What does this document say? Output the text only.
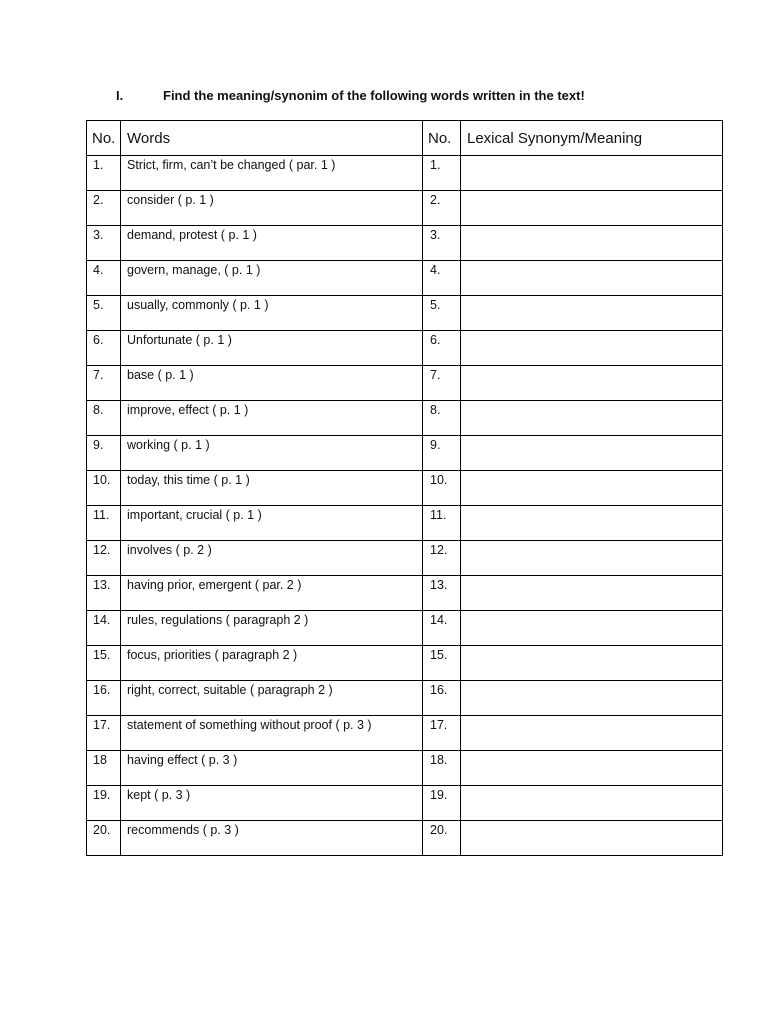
I.	Find the meaning/synonim of the following words written in the text!
No.	Words	No.	Lexical Synonym/Meaning
1.	Strict, firm, can’t be changed ( par. 1 )	1.	
2.	consider ( p. 1 )	2.	
3.	demand, protest ( p. 1 )	3.	
4.	govern, manage, ( p. 1 )	4.	
5.	usually, commonly ( p. 1 )	5.	
6.	Unfortunate ( p. 1 )	6.	
7.	base ( p. 1 )	7.	
8.	improve, effect ( p. 1 )	8.	
9.	working ( p. 1 )	9.	
10.	today, this time ( p. 1 )	10.	
11.	important, crucial ( p. 1 )	11.	
12.	involves ( p. 2 )	12.	
13.	having prior, emergent ( par. 2 )	13.	
14.	rules, regulations ( paragraph 2 )	14.	
15.	focus, priorities ( paragraph 2 )	15.	
16.	right, correct, suitable ( paragraph 2 )	16.	
17.	statement of something without proof ( p. 3 )	17.	
18	having effect ( p. 3 )	18.	
19.	kept ( p. 3 )	19.	
20.	recommends ( p. 3 )	20.	
